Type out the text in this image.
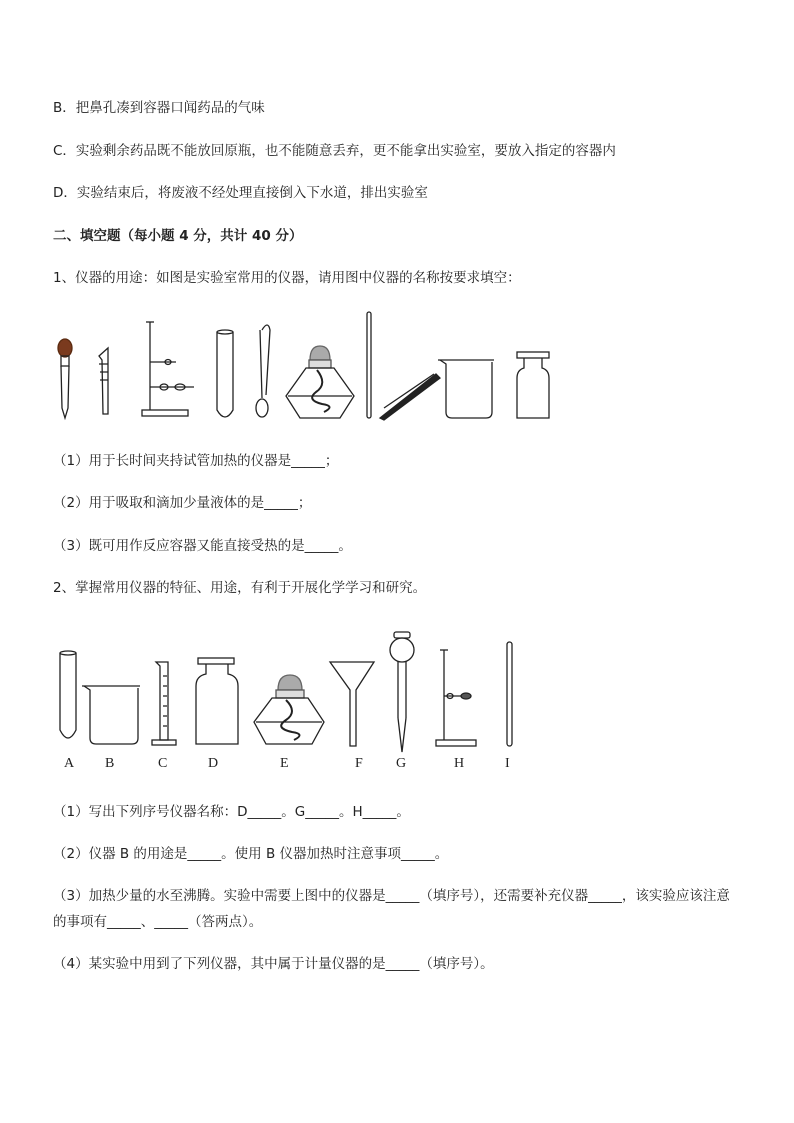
B．把鼻孔凑到容器口闻药品的气味
C．实验剩余药品既不能放回原瓶，也不能随意丢弃，更不能拿出实验室，要放入指定的容器内
D．实验结束后，将废液不经处理直接倒入下水道，排出实验室
二、填空题（每小题 4 分，共计 40 分）
1、仪器的用途：如图是实验室常用的仪器，请用图中仪器的名称按要求填空：
（1）用于长时间夹持试管加热的仪器是_____；
（2）用于吸取和滴加少量液体的是_____；
（3）既可用作反应容器又能直接受热的是_____。
2、掌握常用仪器的特征、用途，有利于开展化学学习和研究。
A B	C	D	E	F G	H	I
（1）写出下列序号仪器名称：D_____。G_____。H_____。
（2）仪器 B 的用途是_____。使用 B 仪器加热时注意事项_____。
（3）加热少量的水至沸腾。实验中需要上图中的仪器是_____（填序号），还需要补充仪器_____，该实验应该注意的事项有_____、_____（答两点）。
（4）某实验中用到了下列仪器，其中属于计量仪器的是_____（填序号）。
